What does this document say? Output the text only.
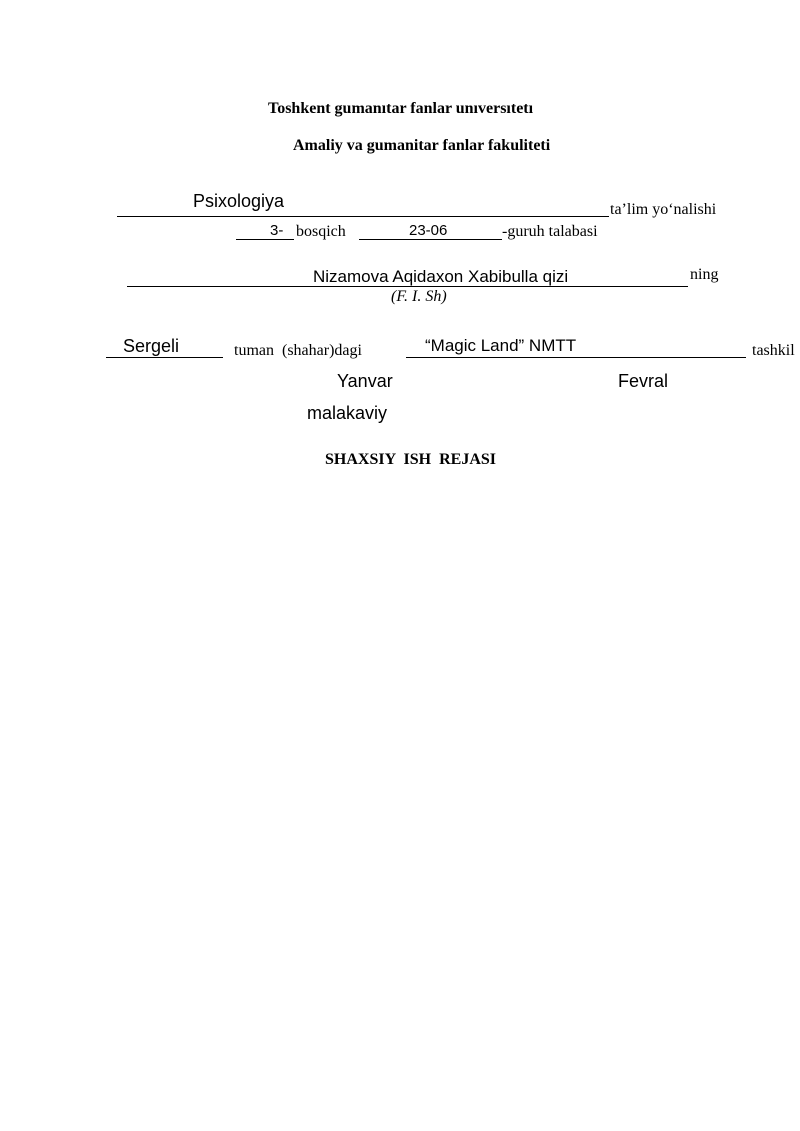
Toshkent gumanıtar fanlar unıversıtetı
Amaliy va gumanitar fanlar fakuliteti
Psixologiya	ta’lim yo‘nalishi
3- bosqich	23-06	-guruh talabasi
Nizamova Aqidaxon Xabibulla qizi	ning
(F. I. Sh)
Sergeli	tuman  (shahar)dagi	“Magic Land” NMTT	tashkil
Yanvar	Fevral
malakaviy
SHAXSIY  ISH  REJASI
